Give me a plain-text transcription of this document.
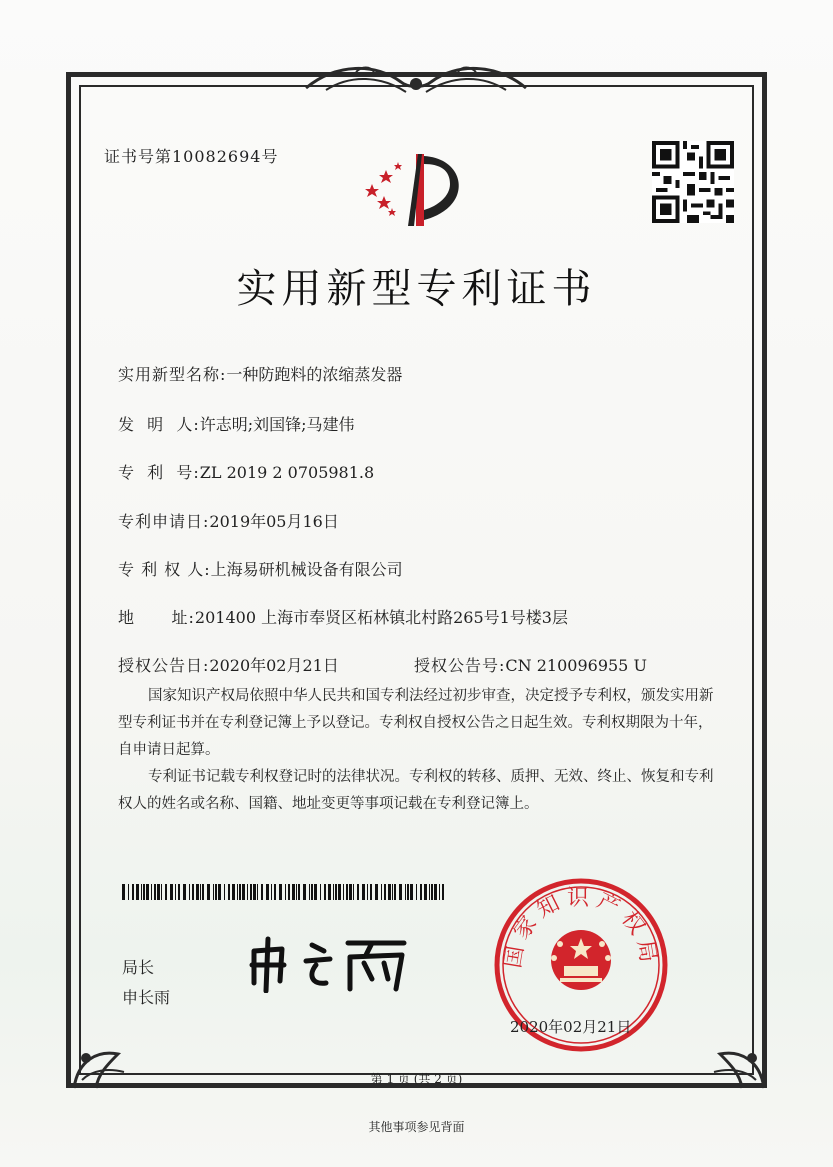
证书号第10082694号
实用新型专利证书
实用新型名称:一种防跑料的浓缩蒸发器
发  明  人:许志明;刘国锋;马建伟
专  利  号:ZL 2019 2 0705981.8
专利申请日:2019年05月16日
专 利 权 人:上海易研机械设备有限公司
地      址:201400 上海市奉贤区柘林镇北村路265号1号楼3层
授权公告日:2020年02月21日	授权公告号:CN 210096955 U
国家知识产权局依照中华人民共和国专利法经过初步审查，决定授予专利权，颁发实用新型专利证书并在专利登记簿上予以登记。专利权自授权公告之日起生效。专利权期限为十年，自申请日起算。
专利证书记载专利权登记时的法律状况。专利权的转移、质押、无效、终止、恢复和专利权人的姓名或名称、国籍、地址变更等事项记载在专利登记簿上。
局长
申长雨
国家知识产权局
2020年02月21日
第 1 页 (共 2 页)
其他事项参见背面
